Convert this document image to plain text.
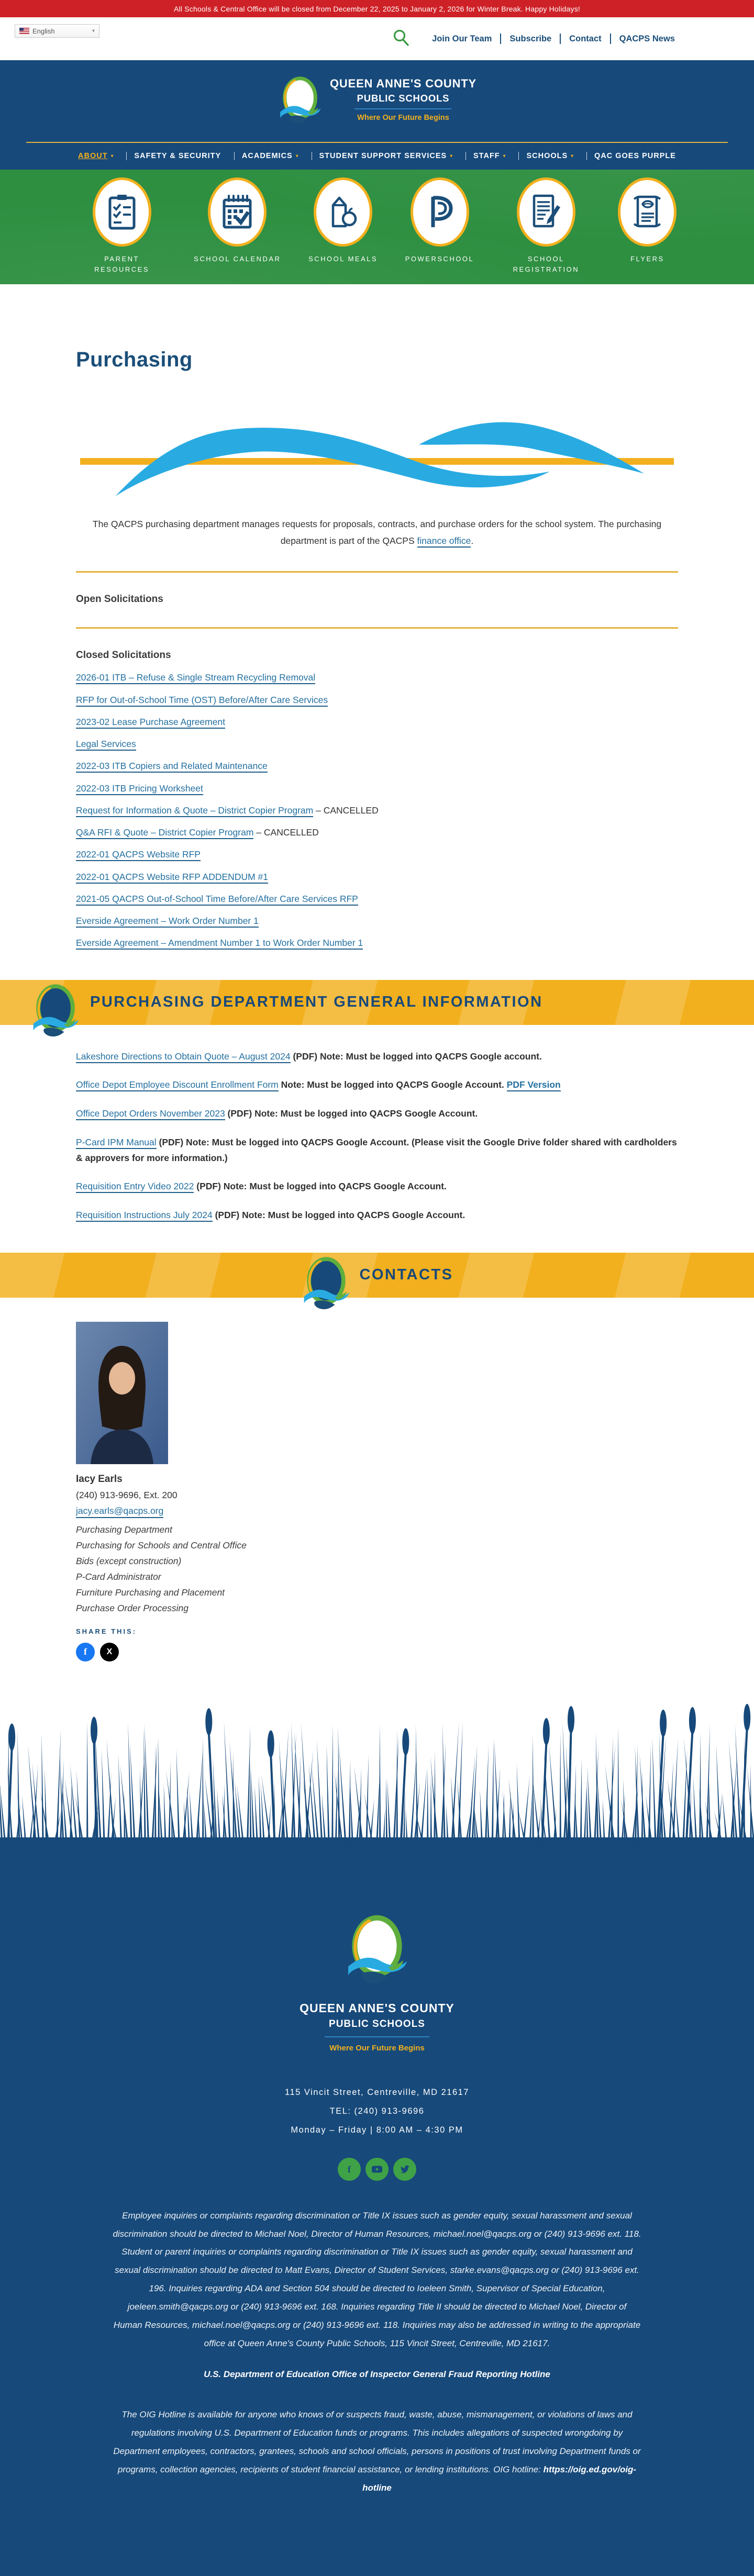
All Schools & Central Office will be closed from December 22, 2025 to January 2, 2026 for Winter Break. Happy Holidays!
English	▾
Join Our Team	Subscribe	Contact	QACPS News
QUEEN ANNE'S COUNTY
PUBLIC SCHOOLS
Where Our Future Begins
ABOUT ▾	SAFETY & SECURITY	ACADEMICS ▾	STUDENT SUPPORT SERVICES ▾	STAFF ▾	SCHOOLS ▾	QAC GOES PURPLE
PARENT RESOURCES
SCHOOL CALENDAR	SCHOOL MEALS	POWERSCHOOL	SCHOOL REGISTRATION
FLYERS
Purchasing

The QACPS purchasing department manages requests for proposals, contracts, and purchase orders for the school system. The purchasing department is part of the QACPS finance office.

Open Solicitations
Closed Solicitations
2026-01 ITB – Refuse & Single Stream Recycling Removal
RFP for Out-of-School Time (OST) Before/After Care Services
2023-02 Lease Purchase Agreement
Legal Services
2022-03 ITB Copiers and Related Maintenance
2022-03 ITB Pricing Worksheet
Request for Information & Quote – District Copier Program – CANCELLED
Q&A RFI & Quote – District Copier Program – CANCELLED
2022-01 QACPS Website RFP
2022-01 QACPS Website RFP ADDENDUM #1
2021-05 QACPS Out-of-School Time Before/After Care Services RFP
Everside Agreement – Work Order Number 1
Everside Agreement – Amendment Number 1 to Work Order Number 1
PURCHASING DEPARTMENT GENERAL INFORMATION
Lakeshore Directions to Obtain Quote – August 2024 (PDF) Note: Must be logged into QACPS Google account.
Office Depot Employee Discount Enrollment Form Note: Must be logged into QACPS Google Account. PDF Version
Office Depot Orders November 2023 (PDF) Note: Must be logged into QACPS Google Account.
P-Card IPM Manual (PDF) Note: Must be logged into QACPS Google Account. (Please visit the Google Drive folder shared with cardholders & approvers for more information.)
Requisition Entry Video 2022 (PDF) Note: Must be logged into QACPS Google Account.
Requisition Instructions July 2024 (PDF) Note: Must be logged into QACPS Google Account.
CONTACTS
Iacy Earls
(240) 913-9696, Ext. 200
jacy.earls@qacps.org
Purchasing Department
Purchasing for Schools and Central Office
Bids (except construction)
P-Card Administrator
Furniture Purchasing and Placement
Purchase Order Processing
SHARE THIS:
f X
QUEEN ANNE'S COUNTY
PUBLIC SCHOOLS
Where Our Future Begins
115 Vincit Street, Centreville, MD 21617
TEL: (240) 913-9696
Monday – Friday | 8:00 AM – 4:30 PM
f

Employee inquiries or complaints regarding discrimination or Title IX issues such as gender equity, sexual harassment and sexual discrimination should be directed to Michael Noel, Director of Human Resources, michael.noel@qacps.org or (240) 913-9696 ext. 118. Student or parent inquiries or complaints regarding discrimination or Title IX issues such as gender equity, sexual harassment and sexual discrimination should be directed to Matt Evans, Director of Student Services, starke.evans@qacps.org or (240) 913-9696 ext. 196. Inquiries regarding ADA and Section 504 should be directed to Ioeleen Smith, Supervisor of Special Education, joeleen.smith@qacps.org or (240) 913-9696 ext. 168. Inquiries regarding Title II should be directed to Michael Noel, Director of Human Resources, michael.noel@qacps.org or (240) 913-9696 ext. 118. Inquiries may also be addressed in writing to the appropriate office at Queen Anne's County Public Schools, 115 Vincit Street, Centreville, MD 21617.

U.S. Department of Education Office of Inspector General Fraud Reporting Hotline

The OIG Hotline is available for anyone who knows of or suspects fraud, waste, abuse, mismanagement, or violations of laws and regulations involving U.S. Department of Education funds or programs. This includes allegations of suspected wrongdoing by Department employees, contractors, grantees, schools and school officials, persons in positions of trust involving Department funds or programs, collection agencies, recipients of student financial assistance, or lending institutions. OIG hotline: https://oig.ed.gov/oig-hotline
